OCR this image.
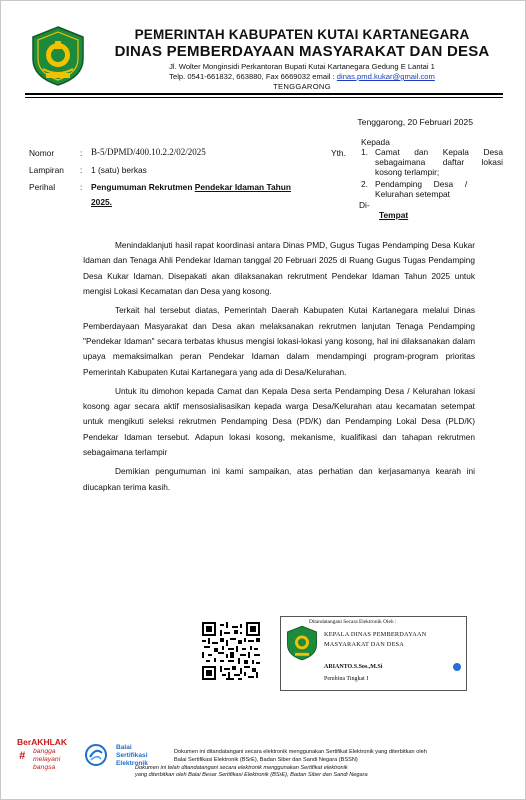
PEMERINTAH KABUPATEN KUTAI KARTANEGARA
DINAS PEMBERDAYAAN MASYARAKAT DAN DESA
Jl. Wolter Monginsidi Perkantoran Bupati Kutai Kartanegara Gedung E Lantai 1
Telp. 0541-661832, 663880, Fax 6669032 email : dinas.pmd.kukar@gmail.com
TENGGARONG
Tenggarong, 20 Februari 2025
Nomor	: B-5/DPMD/400.10.2.2/02/2025
Lampiran : 1 (satu) berkas
Perihal	: Pengumuman Rekrutmen Pendekar Idaman Tahun
2025.
Yth.
Kepada
1. Camat dan Kepala Desa
sebagaimana daftar lokasi
kosong terlampir;
2. Pendamping     Desa     /
Kelurahan setempat
Di-
Tempat

Menindaklanjuti hasil rapat koordinasi antara Dinas PMD, Gugus Tugas Pendamping Desa Kukar Idaman dan Tenaga Ahli Pendekar Idaman tanggal 20 Februari 2025 di Ruang Gugus Tugas Pendamping Desa Kukar Idaman. Disepakati akan dilaksanakan rekrutment Pendekar Idaman Tahun 2025 untuk mengisi Lokasi Kecamatan dan Desa yang kosong.

Terkait hal tersebut diatas, Pemerintah Daerah Kabupaten Kutai Kartanegara melalui Dinas Pemberdayaan Masyarakat dan Desa akan melaksanakan rekrutmen lanjutan Tenaga Pendamping "Pendekar Idaman" secara terbatas khusus mengisi lokasi-lokasi yang kosong, hal ini dilaksanakan dalam upaya memaksimalkan peran Pendekar Idaman dalam mendampingi program-program prioritas Pemerintah Kabupaten Kutai Kartanegara yang ada di Desa/Kelurahan.

Untuk itu dimohon kepada Camat dan Kepala Desa serta Pendamping Desa / Kelurahan lokasi kosong agar secara aktif mensosialisasikan kepada warga Desa/Kelurahan atau kecamatan setempat untuk mengikuti seleksi rekrutmen Pendamping Desa (PD/K) dan Pendamping Lokal Desa (PLD/K) Pendekar Idaman tersebut. Adapun lokasi kosong, mekanisme, kualifikasi dan tahapan rekrutmen sebagaimana terlampir

Demikian pengumuman ini kami sampaikan, atas perhatian dan kerjasamanya kearah ini diucapkan terima kasih.

Ditandatangani Secara Elektronik Oleh :
KEPALA DINAS PEMBERDAYAAN
MASYARAKAT DAN DESA
ARIANTO.S.Sos.,M.Si
Pembina Tingkat I
BerAKHLAK
# bangga
melayani
bangsa
Balai
Sertifikasi
Elektronik
Dokumen ini ditandatangani secara elektronik menggunakan Sertifikat Elektronik yang diterbitkan oleh
Balai Sertifikasi Elektronik (BSrE), Badan Siber dan Sandi Negara (BSSN)
Dokumen ini telah ditandatangani secara elektronik menggunakan Sertifikat elektronik
yang diterbitkan oleh Balai Besar Sertifikasi Elektronik (BSrE), Badan Siber dan Sandi Negara
